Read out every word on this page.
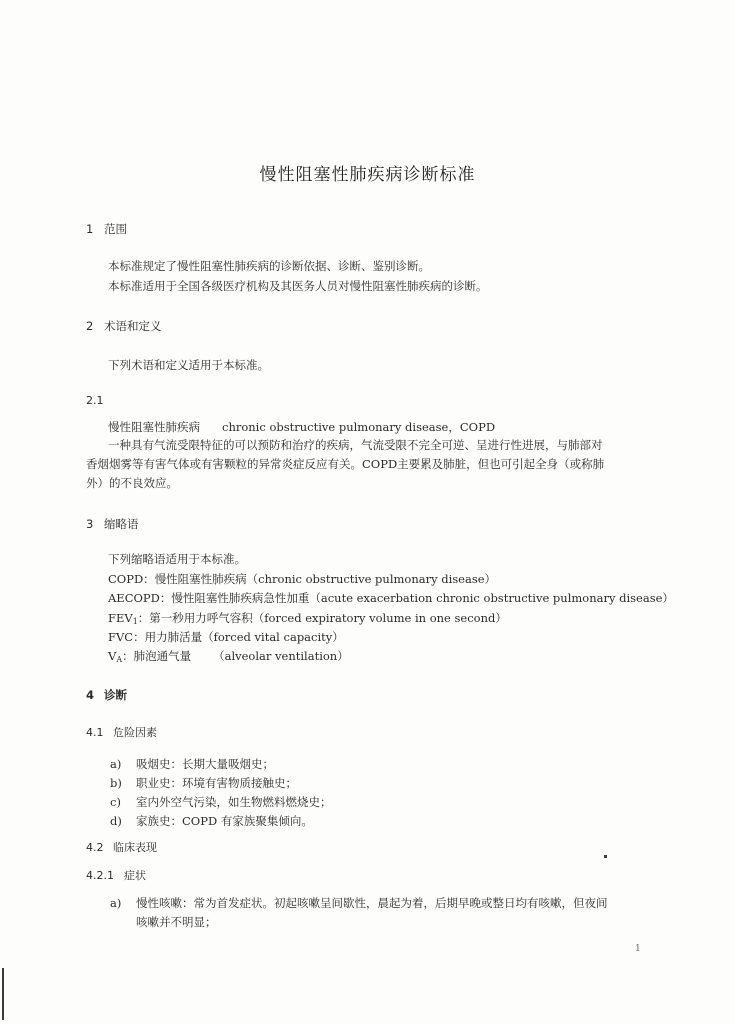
慢性阻塞性肺疾病诊断标准
1 范围
本标准规定了慢性阻塞性肺疾病的诊断依据、诊断、鉴别诊断。
本标准适用于全国各级医疗机构及其医务人员对慢性阻塞性肺疾病的诊断。
2 术语和定义
下列术语和定义适用于本标准。
2.1
慢性阻塞性肺疾病 chronic obstructive pulmonary disease，COPD
一种具有气流受限特征的可以预防和治疗的疾病，气流受限不完全可逆、呈进行性进展，与肺部对
香烟烟雾等有害气体或有害颗粒的异常炎症反应有关。COPD主要累及肺脏，但也可引起全身（或称肺
外）的不良效应。
3 缩略语
下列缩略语适用于本标准。
COPD：慢性阻塞性肺疾病（chronic obstructive pulmonary disease）
AECOPD：慢性阻塞性肺疾病急性加重（acute exacerbation chronic obstructive pulmonary disease）
$FEV_1$：第一秒用力呼气容积（forced expiratory volume in one second）
FVC：用力肺活量（forced vital capacity）
$V_A$：肺泡通气量 （alveolar ventilation）
4 诊断
4.1 危险因素
a) 吸烟史：长期大量吸烟史；
b) 职业史：环境有害物质接触史；
c) 室内外空气污染，如生物燃料燃烧史；
d) 家族史：COPD 有家族聚集倾向。
4.2 临床表现
4.2.1 症状
a) 慢性咳嗽：常为首发症状。初起咳嗽呈间歇性，晨起为着，后期早晚或整日均有咳嗽，但夜间
咳嗽并不明显；
1
